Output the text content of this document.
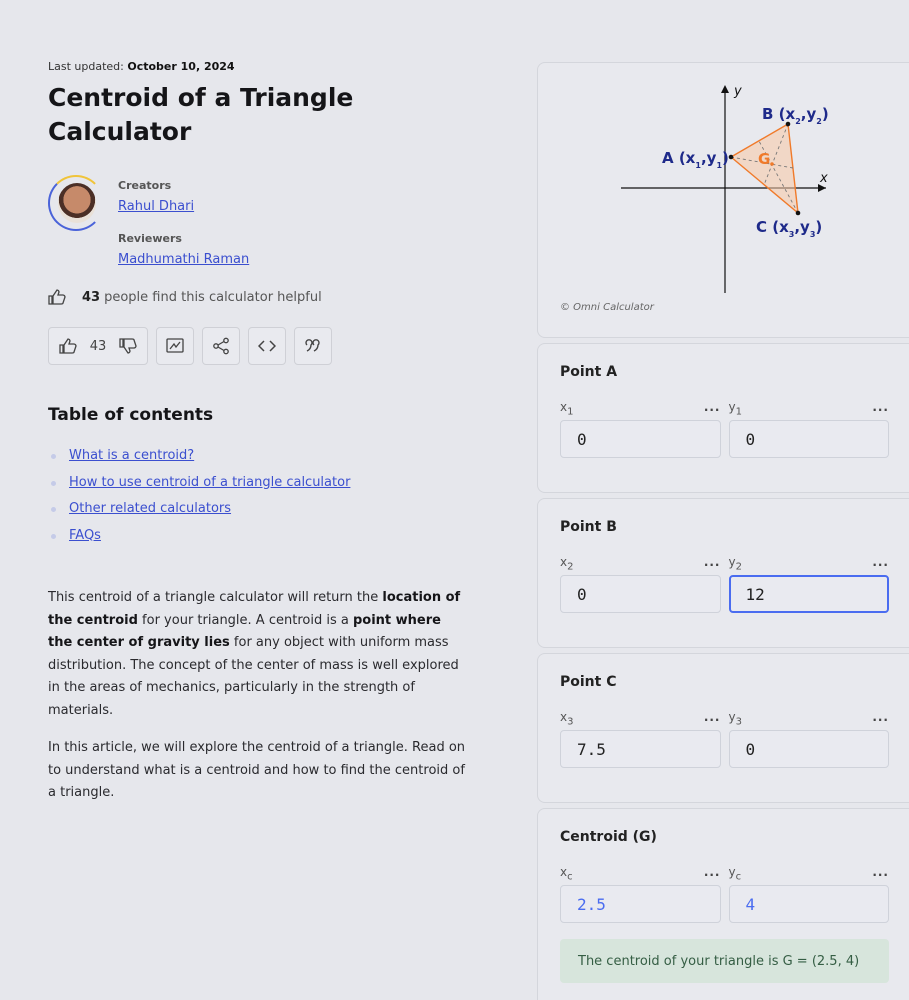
Last updated: October 10, 2024
Centroid of a Triangle Calculator
Creators
Rahul Dhari
Reviewers
Madhumathi Raman
43 people find this calculator helpful
43
Table of contents
What is a centroid?
How to use centroid of a triangle calculator
Other related calculators
FAQs

This centroid of a triangle calculator will return the location of the centroid for your triangle. A centroid is a point where the center of gravity lies for any object with uniform mass distribution. The concept of the center of mass is well explored in the areas of mechanics, particularly in the strength of materials.

In this article, we will explore the centroid of a triangle. Read on to understand what is a centroid and how to find the centroid of a triangle.

y
x
G
A $(x_1,y_1)$
B $(x_2,y_2)$
C $(x_3,y_3)$
© Omni Calculator
Point A
$x_1$	...
0
$y_1$	...
0
Point B
$x_2$	...
0
$y_2$	...
12
Point C
$x_3$	...
7.5
$y_3$	...
0
Centroid (G)
$x_c$	...
2.5
$y_c$	...
4
The centroid of your triangle is G = (2.5, 4)
